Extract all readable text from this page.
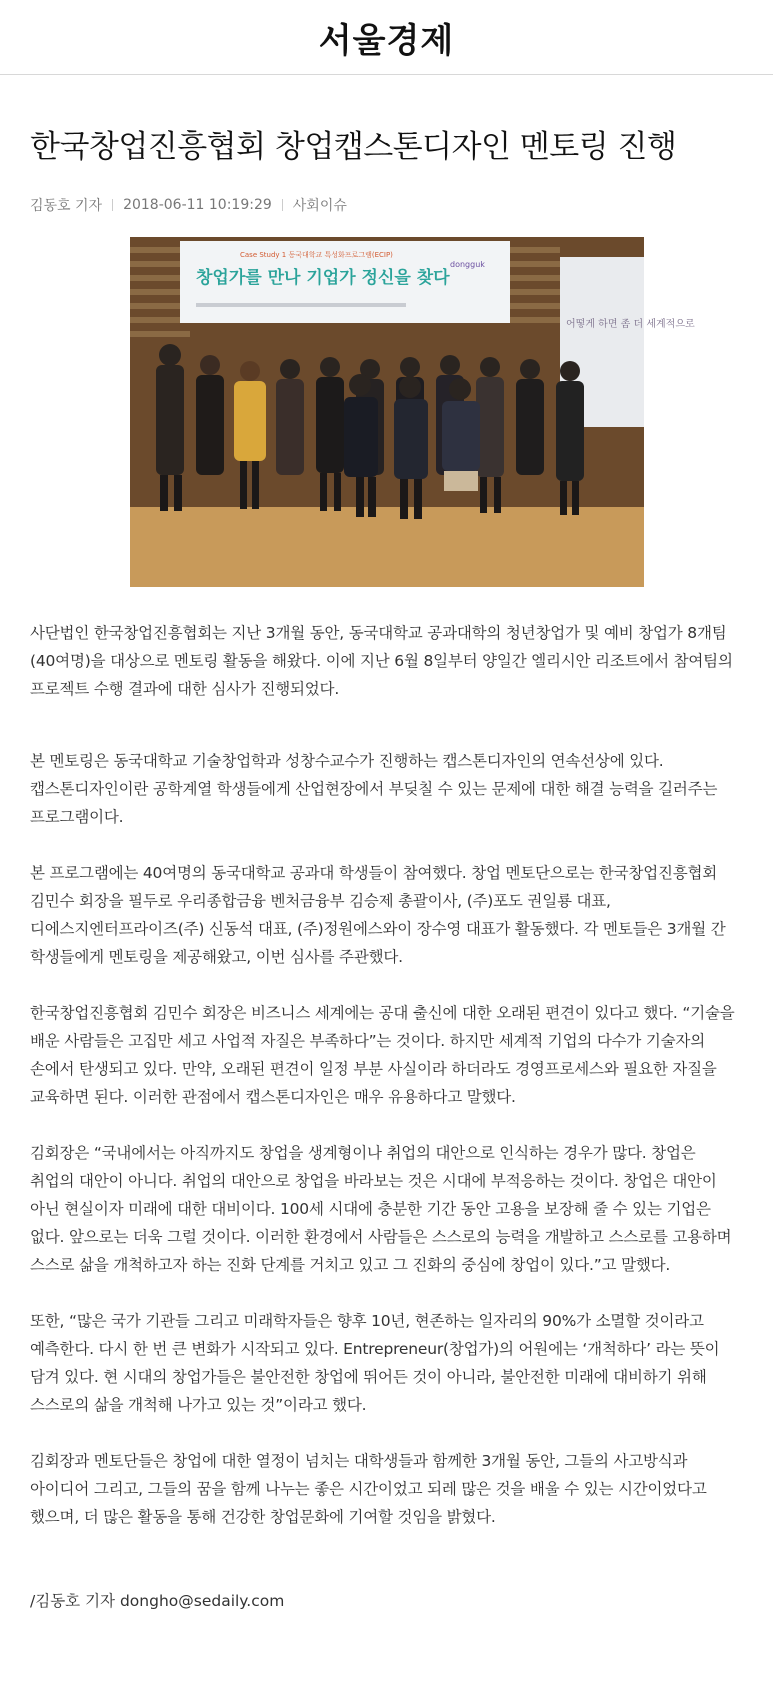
서울경제
한국창업진흥협회 창업캡스톤디자인 멘토링 진행
김동호 기자 2018-06-11 10:19:29 사회이슈
어떻게 하면 좀 더 세계적으로
Case Study 1 동국대학교 특성화프로그램(ECIP)
창업가를 만나 기업가 정신을 찾다
dongguk

사단법인 한국창업진흥협회는 지난 3개월 동안, 동국대학교 공과대학의 청년창업가 및 예비 창업가 8개팀(40여명)을 대상으로 멘토링 활동을 해왔다. 이에 지난 6월 8일부터 양일간 엘리시안 리조트에서 참여팀의 프로젝트 수행 결과에 대한 심사가 진행되었다.

본 멘토링은 동국대학교 기술창업학과 성창수교수가 진행하는 캡스톤디자인의 연속선상에 있다. 캡스톤디자인이란 공학계열 학생들에게 산업현장에서 부딪칠 수 있는 문제에 대한 해결 능력을 길러주는 프로그램이다.

본 프로그램에는 40여명의 동국대학교 공과대 학생들이 참여했다. 창업 멘토단으로는 한국창업진흥협회 김민수 회장을 필두로 우리종합금융 벤처금융부 김승제 총괄이사, (주)포도 권일룡 대표, 디에스지엔터프라이즈(주) 신동석 대표, (주)정원에스와이 장수영 대표가 활동했다. 각 멘토들은 3개월 간 학생들에게 멘토링을 제공해왔고, 이번 심사를 주관했다.

한국창업진흥협회 김민수 회장은 비즈니스 세계에는 공대 출신에 대한 오래된 편견이 있다고 했다. “기술을 배운 사람들은 고집만 세고 사업적 자질은 부족하다”는 것이다. 하지만 세계적 기업의 다수가 기술자의 손에서 탄생되고 있다. 만약, 오래된 편견이 일정 부분 사실이라 하더라도 경영프로세스와 필요한 자질을 교육하면 된다. 이러한 관점에서 캡스톤디자인은 매우 유용하다고 말했다.

김회장은 “국내에서는 아직까지도 창업을 생계형이나 취업의 대안으로 인식하는 경우가 많다. 창업은 취업의 대안이 아니다. 취업의 대안으로 창업을 바라보는 것은 시대에 부적응하는 것이다. 창업은 대안이 아닌 현실이자 미래에 대한 대비이다. 100세 시대에 충분한 기간 동안 고용을 보장해 줄 수 있는 기업은 없다. 앞으로는 더욱 그럴 것이다. 이러한 환경에서 사람들은 스스로의 능력을 개발하고 스스로를 고용하며 스스로 삶을 개척하고자 하는 진화 단계를 거치고 있고 그 진화의 중심에 창업이 있다.”고 말했다.

또한, “많은 국가 기관들 그리고 미래학자들은 향후 10년, 현존하는 일자리의 90%가 소멸할 것이라고 예측한다. 다시 한 번 큰 변화가 시작되고 있다. Entrepreneur(창업가)의 어원에는 ‘개척하다’ 라는 뜻이 담겨 있다. 현 시대의 창업가들은 불안전한 창업에 뛰어든 것이 아니라, 불안전한 미래에 대비하기 위해 스스로의 삶을 개척해 나가고 있는 것”이라고 했다.

김회장과 멘토단들은 창업에 대한 열정이 넘치는 대학생들과 함께한 3개월 동안, 그들의 사고방식과 아이디어 그리고, 그들의 꿈을 함께 나누는 좋은 시간이었고 되레 많은 것을 배울 수 있는 시간이었다고 했으며, 더 많은 활동을 통해 건강한 창업문화에 기여할 것임을 밝혔다.

/김동호 기자 dongho@sedaily.com
